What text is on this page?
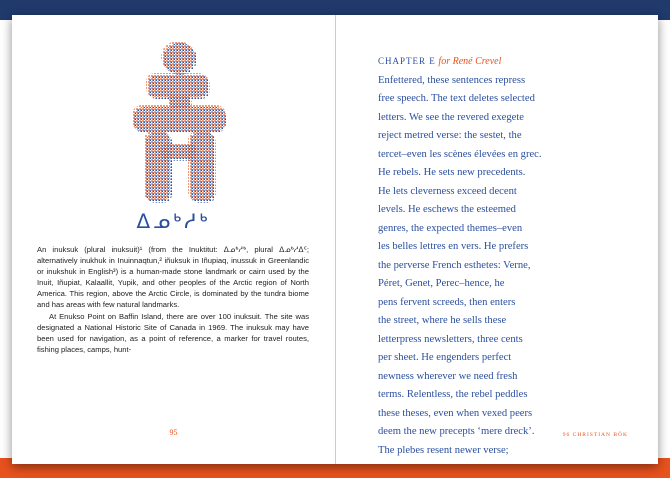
ᐃᓄᒃᓱᒃ

An inuksuk (plural inuksuit)¹ (from the Inuktitut: ᐃᓄᒃᓱᒃ, plural ᐃᓄᒃᓱᐃᑦ; alternatively inukhuk in Inuinnaqtun,² iñuksuk in Iñupiaq, inussuk in Greenlandic or inukshuk in English³) is a human-made stone landmark or cairn used by the Inuit, Iñupiat, Kalaallit, Yupik, and other peoples of the Arctic region of North America. This region, above the Arctic Circle, is dominated by the tundra biome and has areas with few natural landmarks.

At Enukso Point on Baffin Island, there are over 100 inuksuit. The site was designated a National Historic Site of Canada in 1969. The inuksuk may have been used for navigation, as a point of reference, a marker for travel routes, fishing places, camps, hunt-

95
CHAPTER E for René Crevel
Enfettered, these sentences repress
free speech. The text deletes selected
letters. We see the revered exegete
reject metred verse: the sestet, the
tercet–even les scènes élevées en grec.
He rebels. He sets new precedents.
He lets cleverness exceed decent
levels. He eschews the esteemed
genres, the expected themes–even
les belles lettres en vers. He prefers
the perverse French esthetes: Verne,
Péret, Genet, Perec–hence, he
pens fervent screeds, then enters
the street, where he sells these
letterpress newsletters, three cents
per sheet. He engenders perfect
newness wherever we need fresh
terms. Relentless, the rebel peddles
these theses, even when vexed peers
deem the new precepts ‘mere dreck’.
The plebes resent newer verse;
96 CHRISTIAN BÖK
